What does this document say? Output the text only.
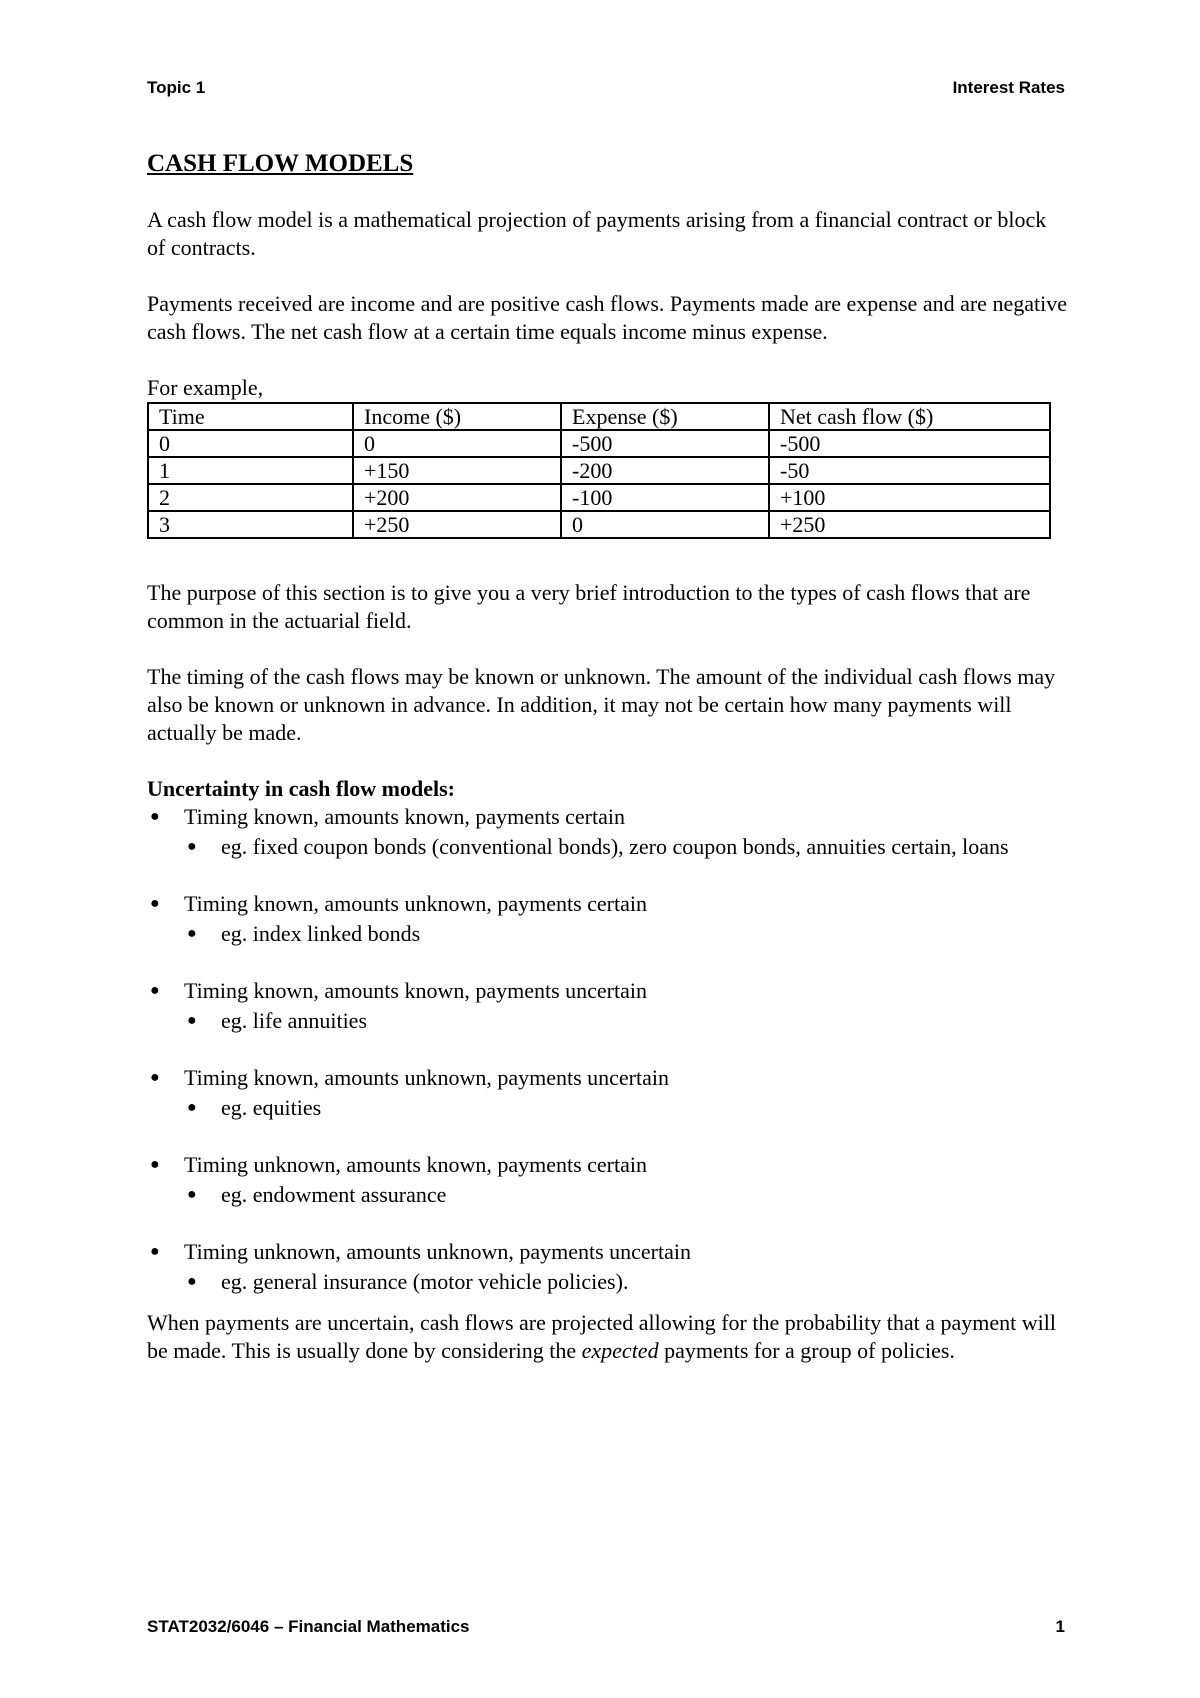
Topic 1	Interest Rates
CASH FLOW MODELS

A cash flow model is a mathematical projection of payments arising from a financial contract or block of contracts.

Payments received are income and are positive cash flows. Payments made are expense and are negative cash flows. The net cash flow at a certain time equals income minus expense.

For example,

Time	Income ($)	Expense ($)	Net cash flow ($)
0	0	-500	-500
1	+150	-200	-50
2	+200	-100	+100
3	+250	0	+250

The purpose of this section is to give you a very brief introduction to the types of cash flows that are common in the actuarial field.

The timing of the cash flows may be known or unknown. The amount of the individual cash flows may also be known or unknown in advance. In addition, it may not be certain how many payments will actually be made.

Uncertainty in cash flow models:
● Timing known, amounts known, payments certain
● eg. fixed coupon bonds (conventional bonds), zero coupon bonds, annuities certain, loans
● Timing known, amounts unknown, payments certain
● eg. index linked bonds
● Timing known, amounts known, payments uncertain
● eg. life annuities
● Timing known, amounts unknown, payments uncertain
● eg. equities
● Timing unknown, amounts known, payments certain
● eg. endowment assurance
● Timing unknown, amounts unknown, payments uncertain
● eg. general insurance (motor vehicle policies).

When payments are uncertain, cash flows are projected allowing for the probability that a payment will be made. This is usually done by considering the expected payments for a group of policies.

STAT2032/6046 – Financial Mathematics	1
